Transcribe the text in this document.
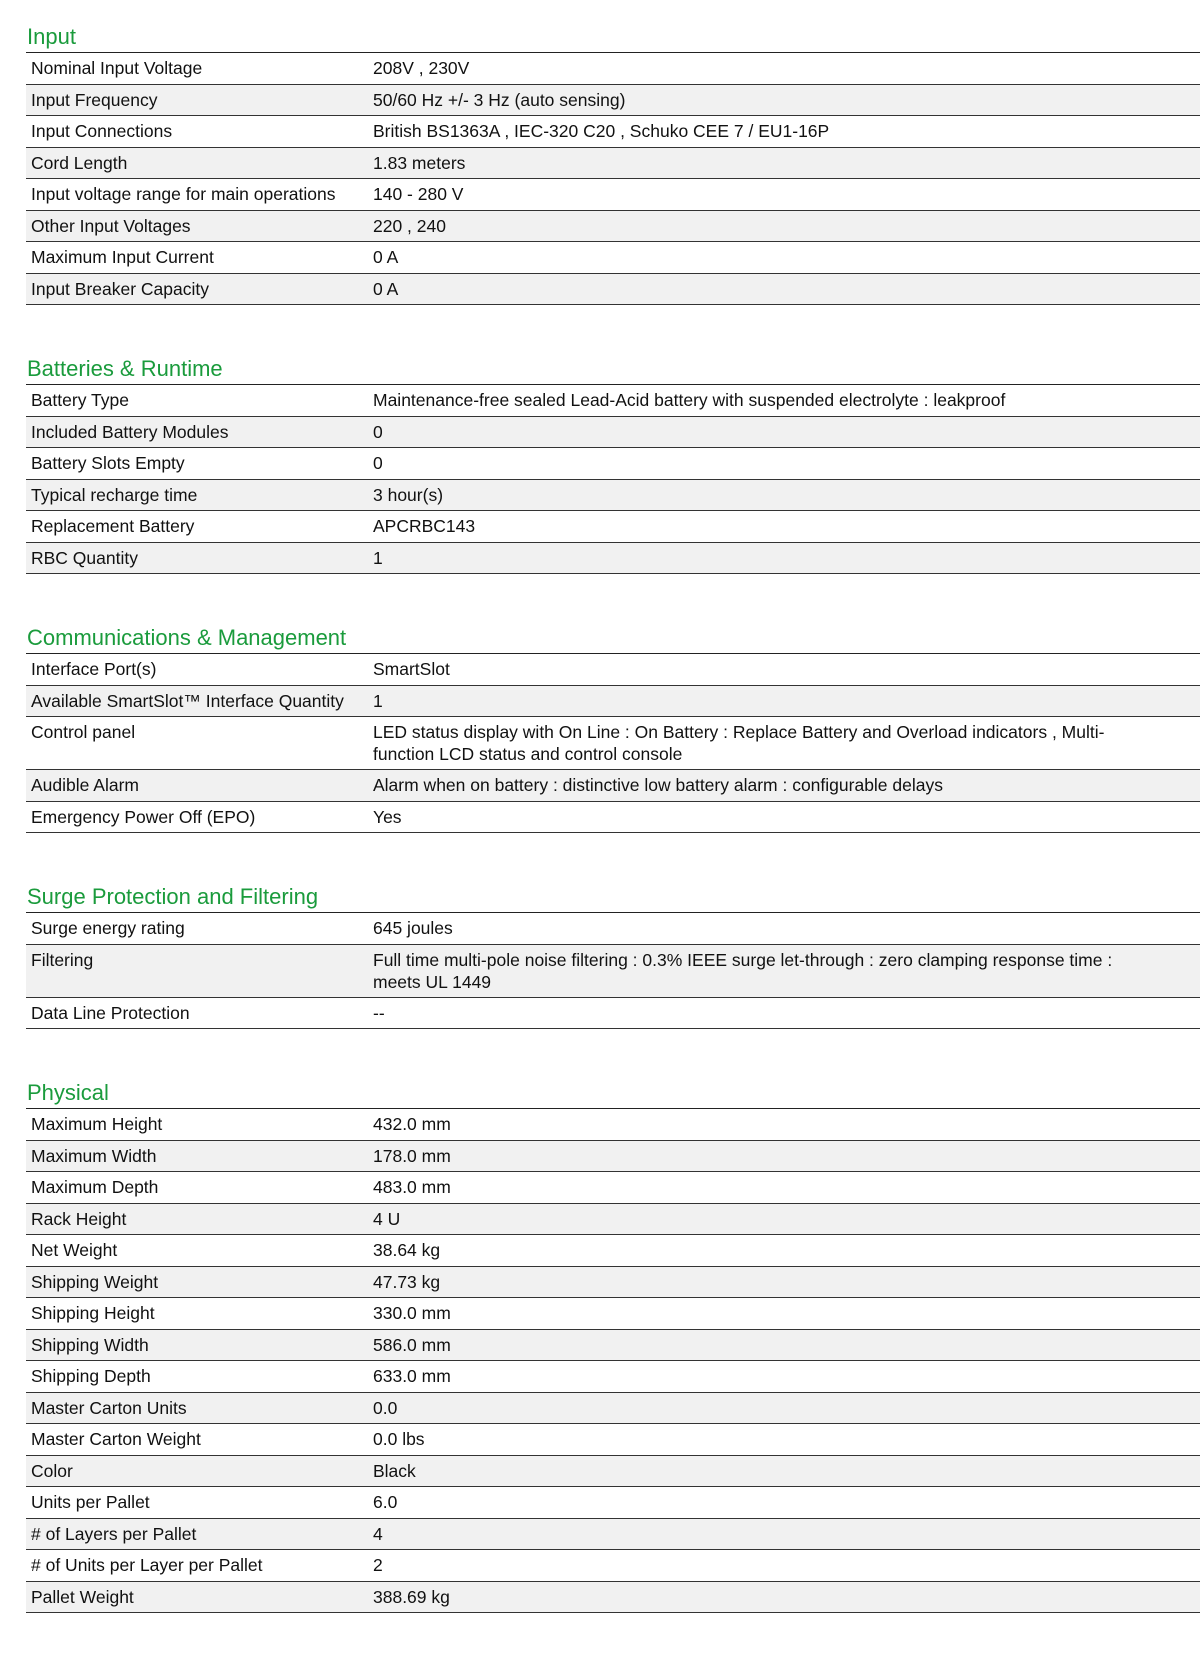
Input
Nominal Input Voltage	208V , 230V
Input Frequency	50/60 Hz +/- 3 Hz (auto sensing)
Input Connections	British BS1363A , IEC-320 C20 , Schuko CEE 7 / EU1-16P
Cord Length	1.83 meters
Input voltage range for main operations	140 - 280 V
Other Input Voltages	220 , 240
Maximum Input Current	0 A
Input Breaker Capacity	0 A
Batteries & Runtime
Battery Type	Maintenance-free sealed Lead-Acid battery with suspended electrolyte : leakproof
Included Battery Modules	0
Battery Slots Empty	0
Typical recharge time	3 hour(s)
Replacement Battery	APCRBC143
RBC Quantity	1
Communications & Management
Interface Port(s)	SmartSlot
Available SmartSlot™ Interface Quantity	1
Control panel	LED status display with On Line : On Battery : Replace Battery and Overload indicators , Multi-function LCD status and control console
Audible Alarm	Alarm when on battery : distinctive low battery alarm : configurable delays
Emergency Power Off (EPO)	Yes
Surge Protection and Filtering
Surge energy rating	645 joules
Filtering	Full time multi-pole noise filtering : 0.3% IEEE surge let-through : zero clamping response time : meets UL 1449
Data Line Protection	--
Physical
Maximum Height	432.0 mm
Maximum Width	178.0 mm
Maximum Depth	483.0 mm
Rack Height	4 U
Net Weight	38.64 kg
Shipping Weight	47.73 kg
Shipping Height	330.0 mm
Shipping Width	586.0 mm
Shipping Depth	633.0 mm
Master Carton Units	0.0
Master Carton Weight	0.0 lbs
Color	Black
Units per Pallet	6.0
# of Layers per Pallet	4
# of Units per Layer per Pallet	2
Pallet Weight	388.69 kg
